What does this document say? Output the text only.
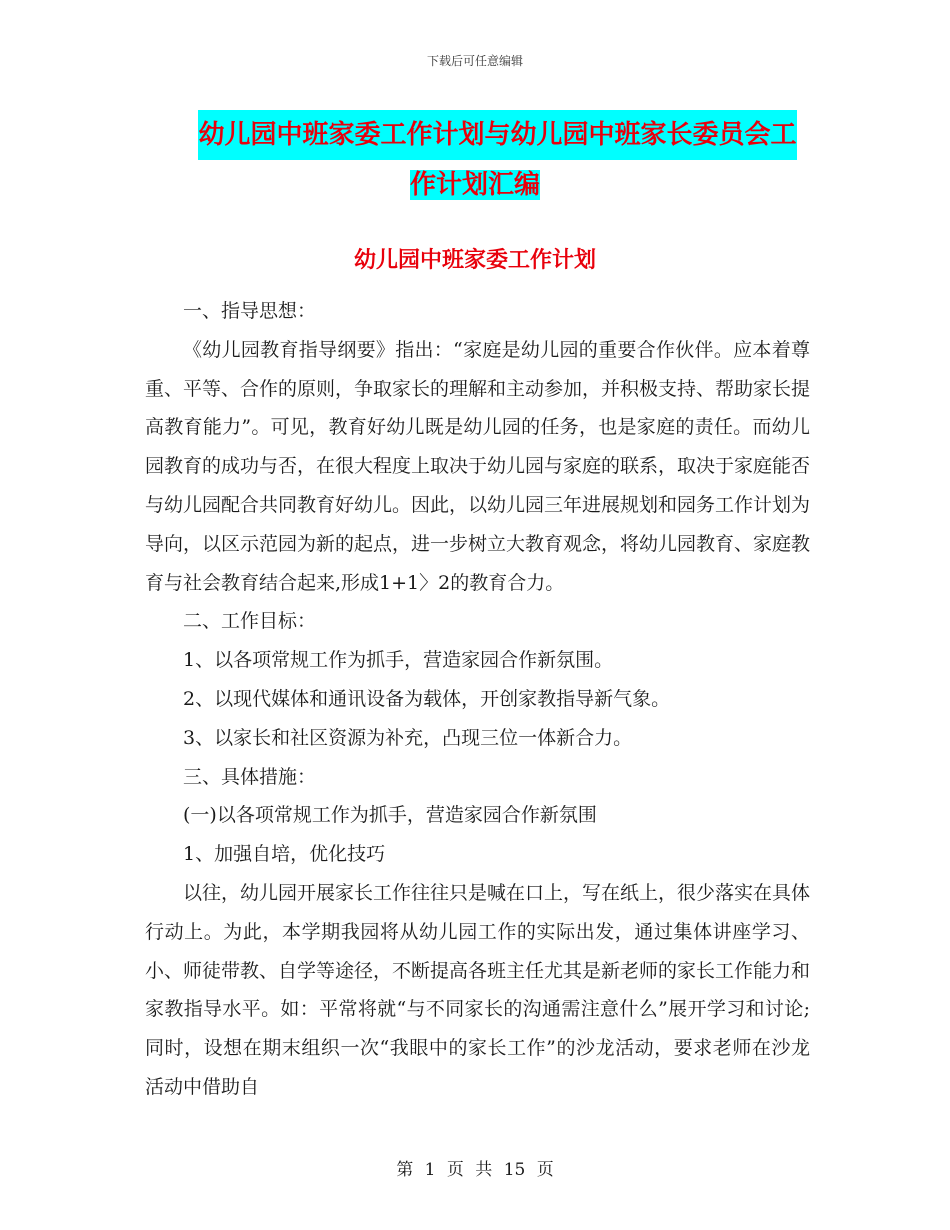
下载后可任意编辑
幼儿园中班家委工作计划与幼儿园中班家长委员会工
作计划汇编
幼儿园中班家委工作计划

一、指导思想：

《幼儿园教育指导纲要》指出：“家庭是幼儿园的重要合作伙伴。应本着尊重、平等、合作的原则，争取家长的理解和主动参加，并积极支持、帮助家长提高教育能力”。可见，教育好幼儿既是幼儿园的任务，也是家庭的责任。而幼儿园教育的成功与否，在很大程度上取决于幼儿园与家庭的联系，取决于家庭能否与幼儿园配合共同教育好幼儿。因此，以幼儿园三年进展规划和园务工作计划为导向，以区示范园为新的起点，进一步树立大教育观念，将幼儿园教育、家庭教育与社会教育结合起来,形成1+1〉2的教育合力。

二、工作目标：

1、以各项常规工作为抓手，营造家园合作新氛围。

2、以现代媒体和通讯设备为载体，开创家教指导新气象。

3、以家长和社区资源为补充，凸现三位一体新合力。

三、具体措施：

(一)以各项常规工作为抓手，营造家园合作新氛围

1、加强自培，优化技巧

以往，幼儿园开展家长工作往往只是喊在口上，写在纸上，很少落实在具体行动上。为此，本学期我园将从幼儿园工作的实际出发，通过集体讲座学习、小、师徒带教、自学等途径，不断提高各班主任尤其是新老师的家长工作能力和家教指导水平。如：平常将就“与不同家长的沟通需注意什么”展开学习和讨论;同时，设想在期末组织一次“我眼中的家长工作”的沙龙活动，要求老师在沙龙活动中借助自

第 1 页 共 15 页
